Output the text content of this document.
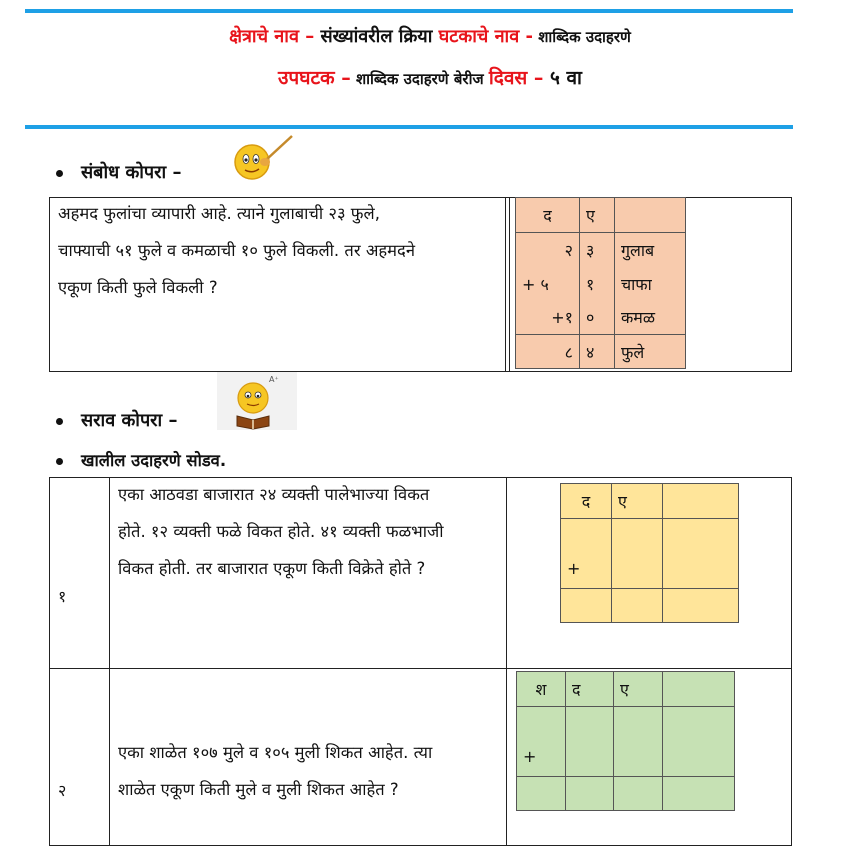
क्षेत्राचे नाव – संख्यांवरील क्रिया घटकाचे नाव - शाब्दिक उदाहरणे
उपघटक – शाब्दिक उदाहरणे बेरीज दिवस – ५ वा
संबोध कोपरा –
अहमद फुलांचा व्यापारी आहे. त्याने गुलाबाची २३ फुले,
चाफ्याची ५१ फुले व कमळाची १० फुले विकली. तर अहमदने
एकूण किती फुले विकली ?
द	ए	
२	३	गुलाब
+ ५	१	चाफा
+१	०	कमळ
८	४	फुले
सराव कोपरा –
A⁺
खालील उदाहरणे सोडव.
१
एका आठवडा बाजारात २४ व्यक्ती पालेभाज्या विकत
होते. १२ व्यक्ती फळे विकत होते. ४१ व्यक्ती फळभाजी
विकत होती. तर बाजारात एकूण किती विक्रेते होते ?
द	ए	
+		

२
एका शाळेत १०७ मुले व १०५ मुली शिकत आहेत. त्या
शाळेत एकूण किती मुले व मुली शिकत आहेत ?
श	द	ए	
+			
